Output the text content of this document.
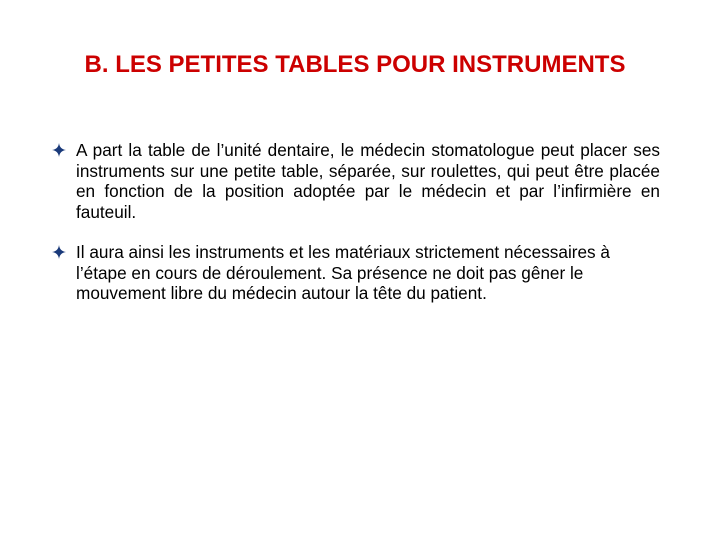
B. LES PETITES TABLES POUR INSTRUMENTS
A part la table de l’unité dentaire, le médecin stomatologue peut placer ses instruments sur une petite table, séparée, sur roulettes, qui peut être placée en fonction de la position adoptée par le médecin et par l’infirmière en fauteuil.
Il aura ainsi les instruments et les matériaux strictement nécessaires à l’étape en cours de déroulement. Sa présence ne doit pas gêner le mouvement libre du médecin autour la tête du patient.
